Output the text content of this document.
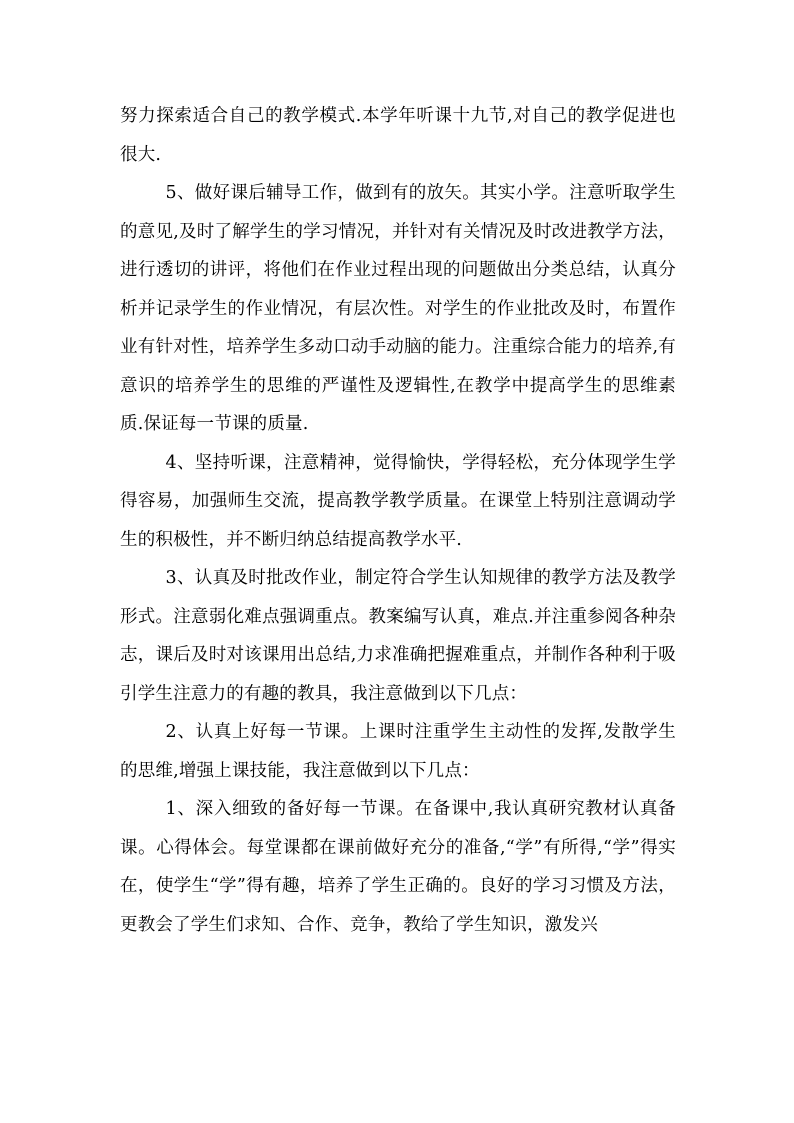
努力探索适合自己的教学模式.本学年听课十九节,对自己的教学促进也很大.

5、做好课后辅导工作，做到有的放矢。其实小学。注意听取学生的意见,及时了解学生的学习情况，并针对有关情况及时改进教学方法，进行透切的讲评，将他们在作业过程出现的问题做出分类总结，认真分析并记录学生的作业情况，有层次性。对学生的作业批改及时，布置作业有针对性，培养学生多动口动手动脑的能力。注重综合能力的培养,有意识的培养学生的思维的严谨性及逻辑性,在教学中提高学生的思维素质.保证每一节课的质量.

4、坚持听课，注意精神，觉得愉快，学得轻松，充分体现学生学得容易，加强师生交流，提高教学教学质量。在课堂上特别注意调动学生的积极性，并不断归纳总结提高教学水平.

3、认真及时批改作业，制定符合学生认知规律的教学方法及教学形式。注意弱化难点强调重点。教案编写认真，难点.并注重参阅各种杂志，课后及时对该课用出总结,力求准确把握难重点，并制作各种利于吸引学生注意力的有趣的教具，我注意做到以下几点：

2、认真上好每一节课。上课时注重学生主动性的发挥,发散学生的思维,增强上课技能，我注意做到以下几点：

1、深入细致的备好每一节课。在备课中,我认真研究教材认真备课。心得体会。每堂课都在课前做好充分的准备,“学”有所得,“学”得实在，使学生“学”得有趣，培养了学生正确的。良好的学习习惯及方法，更教会了学生们求知、合作、竞争，教给了学生知识，激发兴
